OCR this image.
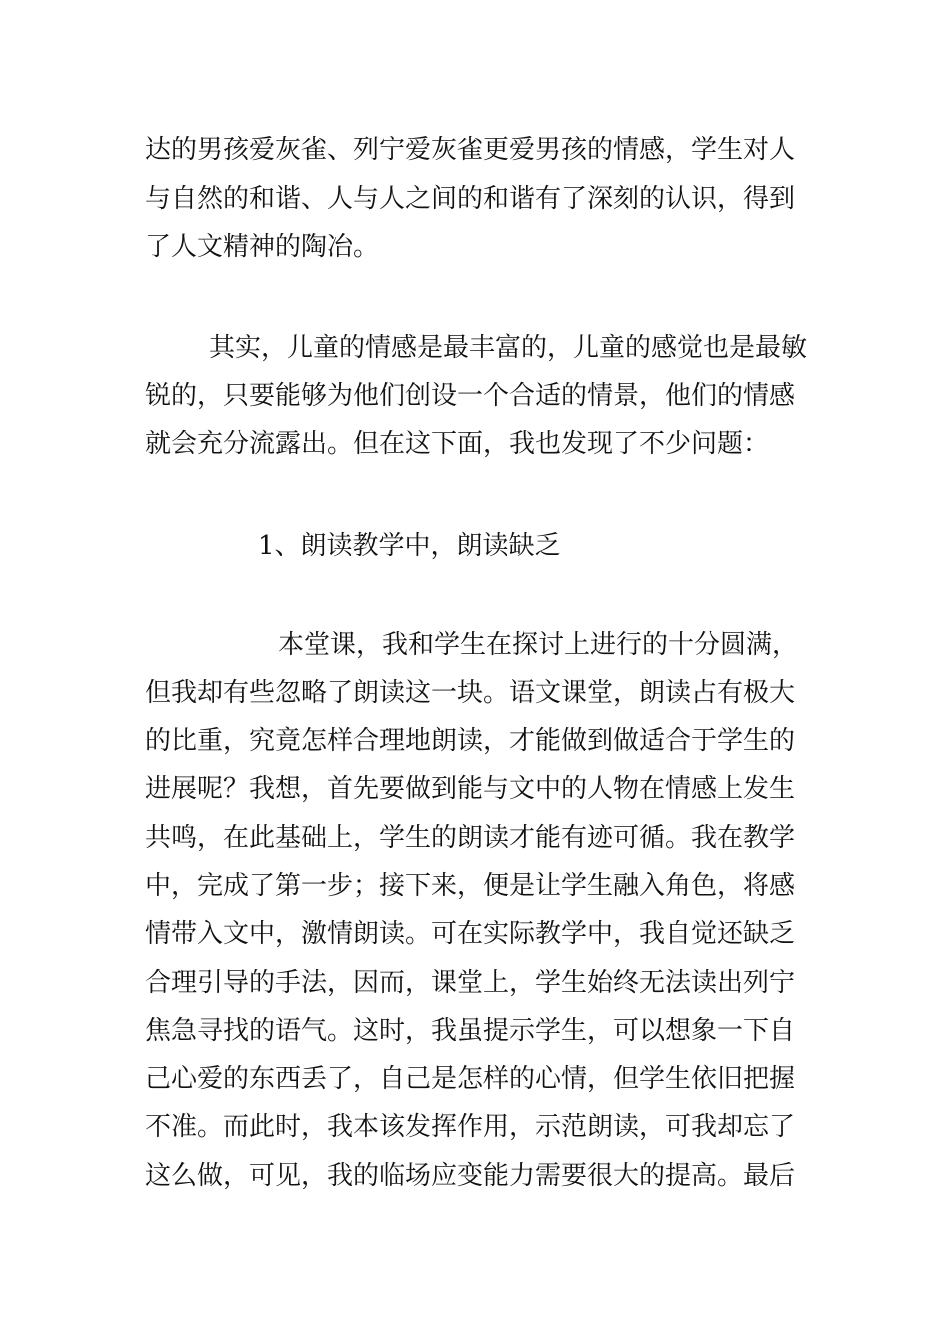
达的男孩爱灰雀、列宁爱灰雀更爱男孩的情感，学生对人
与自然的和谐、人与人之间的和谐有了深刻的认识，得到
了人文精神的陶冶。
其实，儿童的情感是最丰富的，儿童的感觉也是最敏
锐的，只要能够为他们创设一个合适的情景，他们的情感
就会充分流露出。但在这下面，我也发现了不少问题：
1、朗读教学中，朗读缺乏
本堂课，我和学生在探讨上进行的十分圆满，
但我却有些忽略了朗读这一块。语文课堂，朗读占有极大
的比重，究竟怎样合理地朗读，才能做到做适合于学生的
进展呢？我想，首先要做到能与文中的人物在情感上发生
共鸣，在此基础上，学生的朗读才能有迹可循。我在教学
中，完成了第一步；接下来，便是让学生融入角色，将感
情带入文中，激情朗读。可在实际教学中，我自觉还缺乏
合理引导的手法，因而，课堂上，学生始终无法读出列宁
焦急寻找的语气。这时，我虽提示学生，可以想象一下自
己心爱的东西丢了，自己是怎样的心情，但学生依旧把握
不准。而此时，我本该发挥作用，示范朗读，可我却忘了
这么做，可见，我的临场应变能力需要很大的提高。最后
